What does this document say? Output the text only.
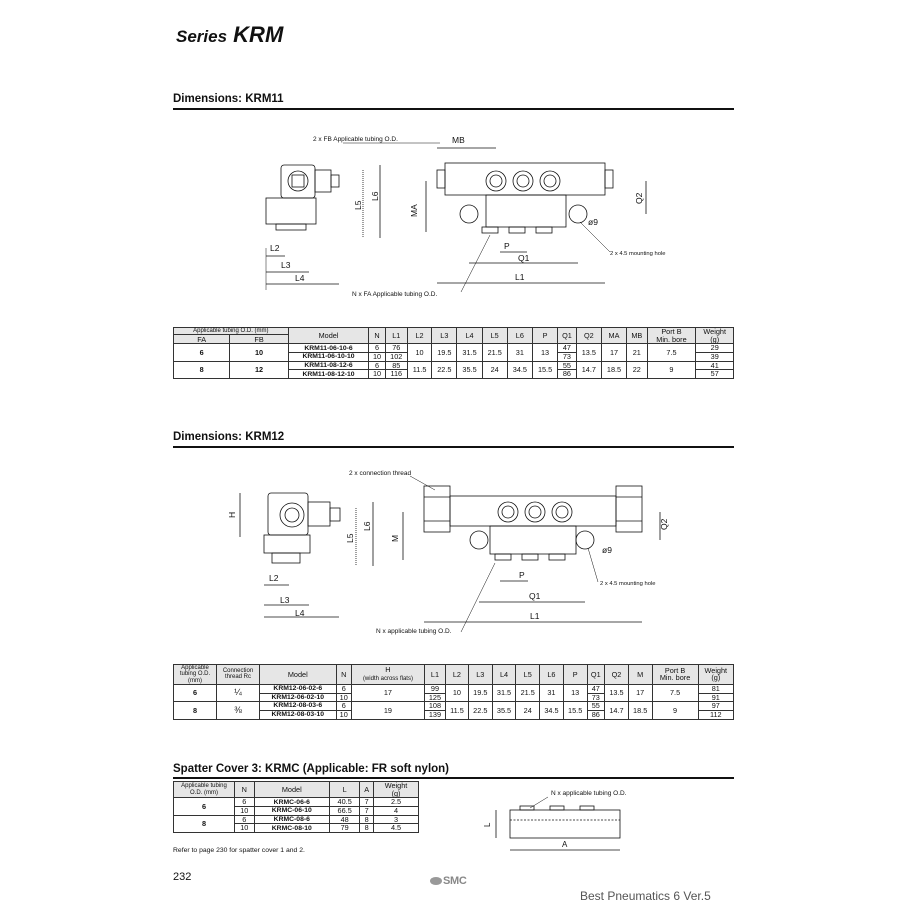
Series KRM
Dimensions: KRM11
2 x FB Applicable tubing O.D.	MB
L2
L3
L4
P
Q1
L1
ø9
2 x 4.5 mounting hole
N x FA Applicable tubing O.D.
L5
L6
MA
Q2
Applicable tubing O.D. (mm)		Model	N	L1	L2	L3	L4	L5	L6	P	Q1	Q2	MA	MB	Port B
Min. bore	Weight
(g)
FA	FB															
6	10	KRM11-06-10-6	6	76	10	19.5	31.5	21.5	31	13	47	13.5	17	21	7.5	29
		KRM11-06-10-10	10	102							73					39
8	12	KRM11-08-12-6	6	85	11.5	22.5	35.5	24	34.5	15.5	55	14.7	18.5	22	9	41
		KRM11-08-12-10	10	116							86					57
Dimensions: KRM12
2 x connection thread
L2
L3
L4
P
Q1
L1
ø9
2 x 4.5 mounting hole
N x applicable tubing O.D.
H
L5
L6
M
Q2
Applicable tubing O.D. (mm)	Connection thread Rc	Model	N	H
(width across flats)	L1	L2	L3	L4	L5	L6	P	Q1	Q2	M	Port B
Min. bore	Weight
(g)
6	¼	KRM12-06-02-6	6	17	99	10	19.5	31.5	21.5	31	13	47	13.5	17	7.5	81
		KRM12-06-02-10	10		125							73				91
8	⅜	KRM12-08-03-6	6	19	108	11.5	22.5	35.5	24	34.5	15.5	55	14.7	18.5	9	97
		KRM12-08-03-10	10		139							86				112
Spatter Cover 3: KRMC (Applicable: FR soft nylon)
Applicable tubing O.D. (mm)	N	Model	L	A	Weight
(g)
6	6	KRMC-06-6	40.5	7	2.5
	10	KRMC-06-10	66.5	7	4
8	6	KRMC-08-6	48	8	3
	10	KRMC-08-10	79	8	4.5
N x applicable tubing O.D.
L
A
Refer to page 230 for spatter cover 1 and 2.
232	SMC
Best Pneumatics 6 Ver.5
